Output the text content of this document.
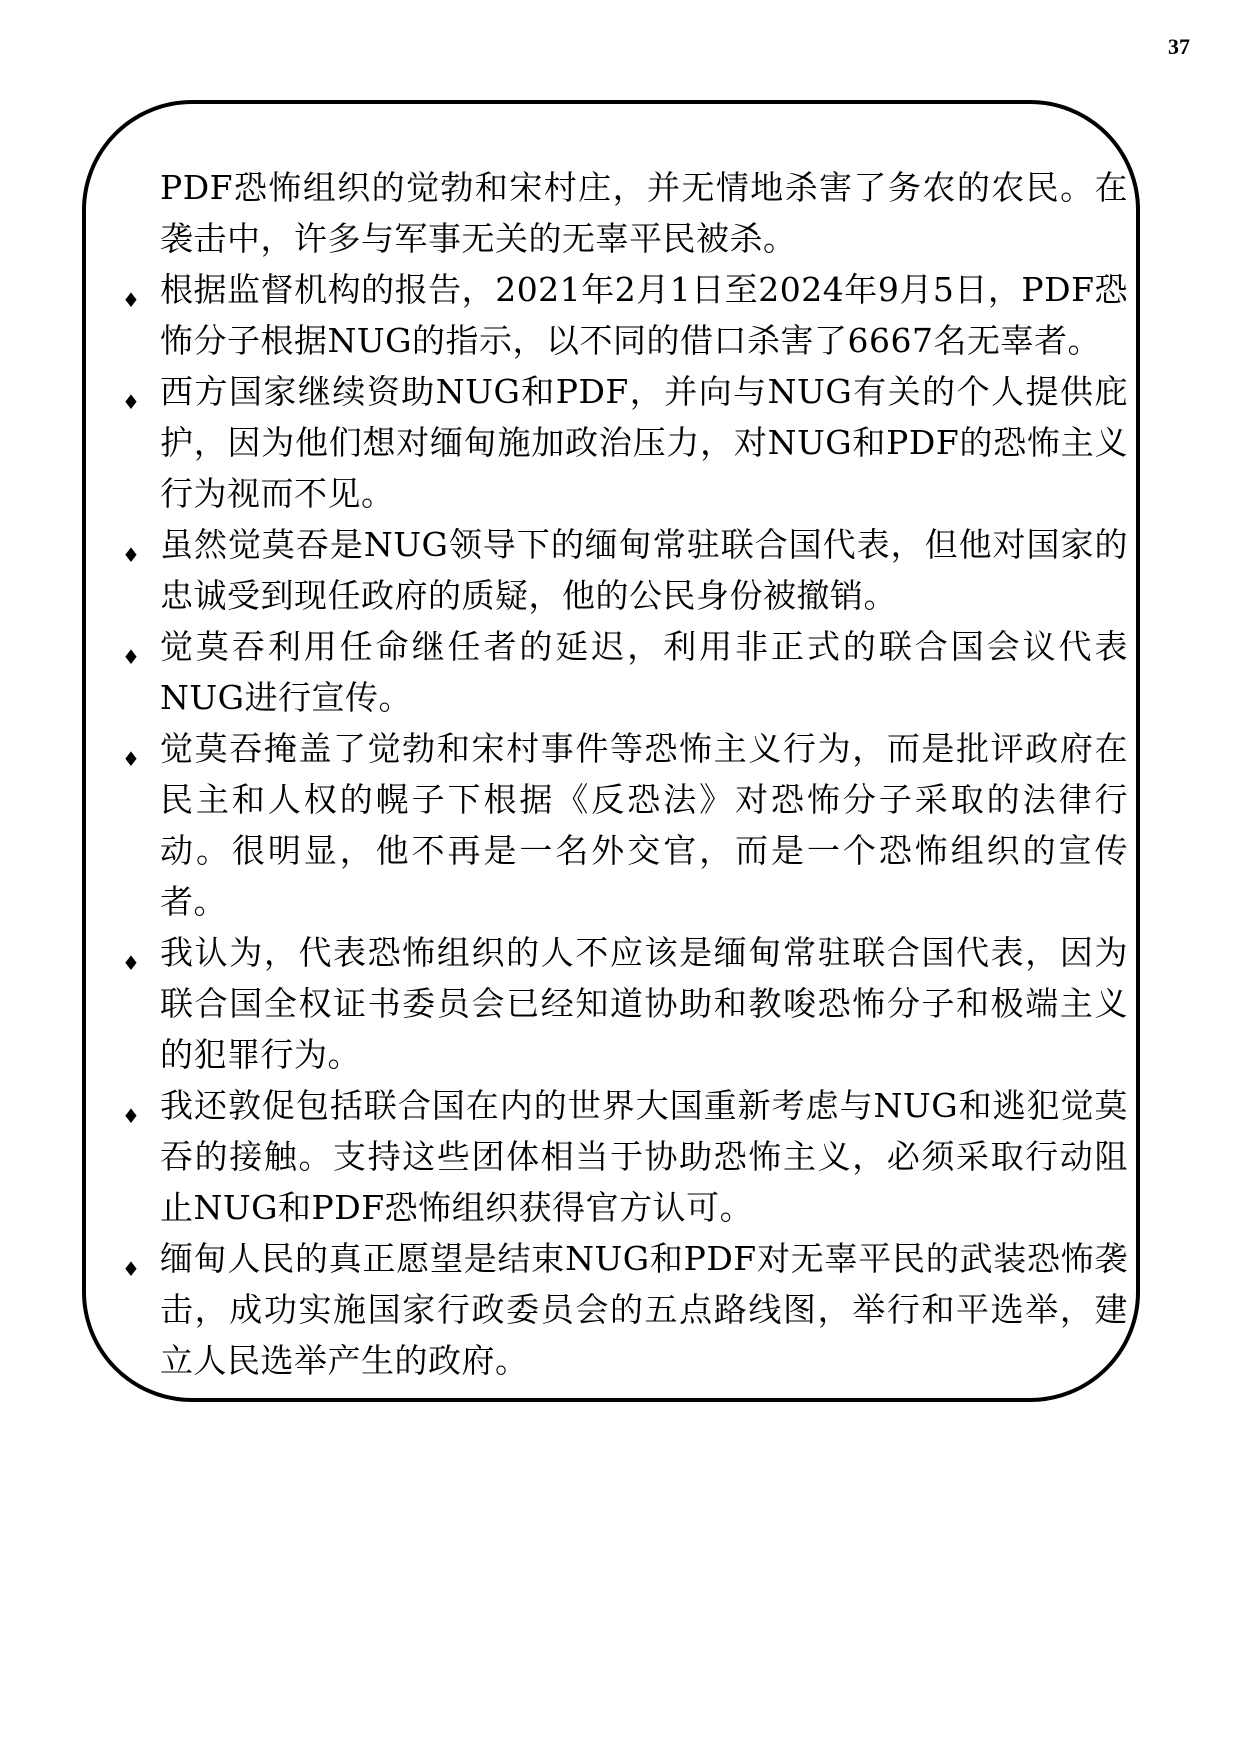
37
PDF恐怖组织的觉勃和宋村庄，并无情地杀害了务农的农民。在袭击中，许多与军事无关的无辜平民被杀。
♦ 根据监督机构的报告，2021年2月1日至2024年9月5日，PDF恐怖分子根据NUG的指示，以不同的借口杀害了6667名无辜者。
♦ 西方国家继续资助NUG和PDF，并向与NUG有关的个人提供庇护，因为他们想对缅甸施加政治压力，对NUG和PDF的恐怖主义行为视而不见。
♦ 虽然觉莫吞是NUG领导下的缅甸常驻联合国代表，但他对国家的忠诚受到现任政府的质疑，他的公民身份被撤销。
♦ 觉莫吞利用任命继任者的延迟，利用非正式的联合国会议代表NUG进行宣传。
♦ 觉莫吞掩盖了觉勃和宋村事件等恐怖主义行为，而是批评政府在民主和人权的幌子下根据《反恐法》对恐怖分子采取的法律行动。很明显，他不再是一名外交官，而是一个恐怖组织的宣传者。
♦ 我认为，代表恐怖组织的人不应该是缅甸常驻联合国代表，因为联合国全权证书委员会已经知道协助和教唆恐怖分子和极端主义的犯罪行为。
♦ 我还敦促包括联合国在内的世界大国重新考虑与NUG和逃犯觉莫吞的接触。支持这些团体相当于协助恐怖主义，必须采取行动阻止NUG和PDF恐怖组织获得官方认可。
♦ 缅甸人民的真正愿望是结束NUG和PDF对无辜平民的武装恐怖袭击，成功实施国家行政委员会的五点路线图，举行和平选举，建立人民选举产生的政府。
